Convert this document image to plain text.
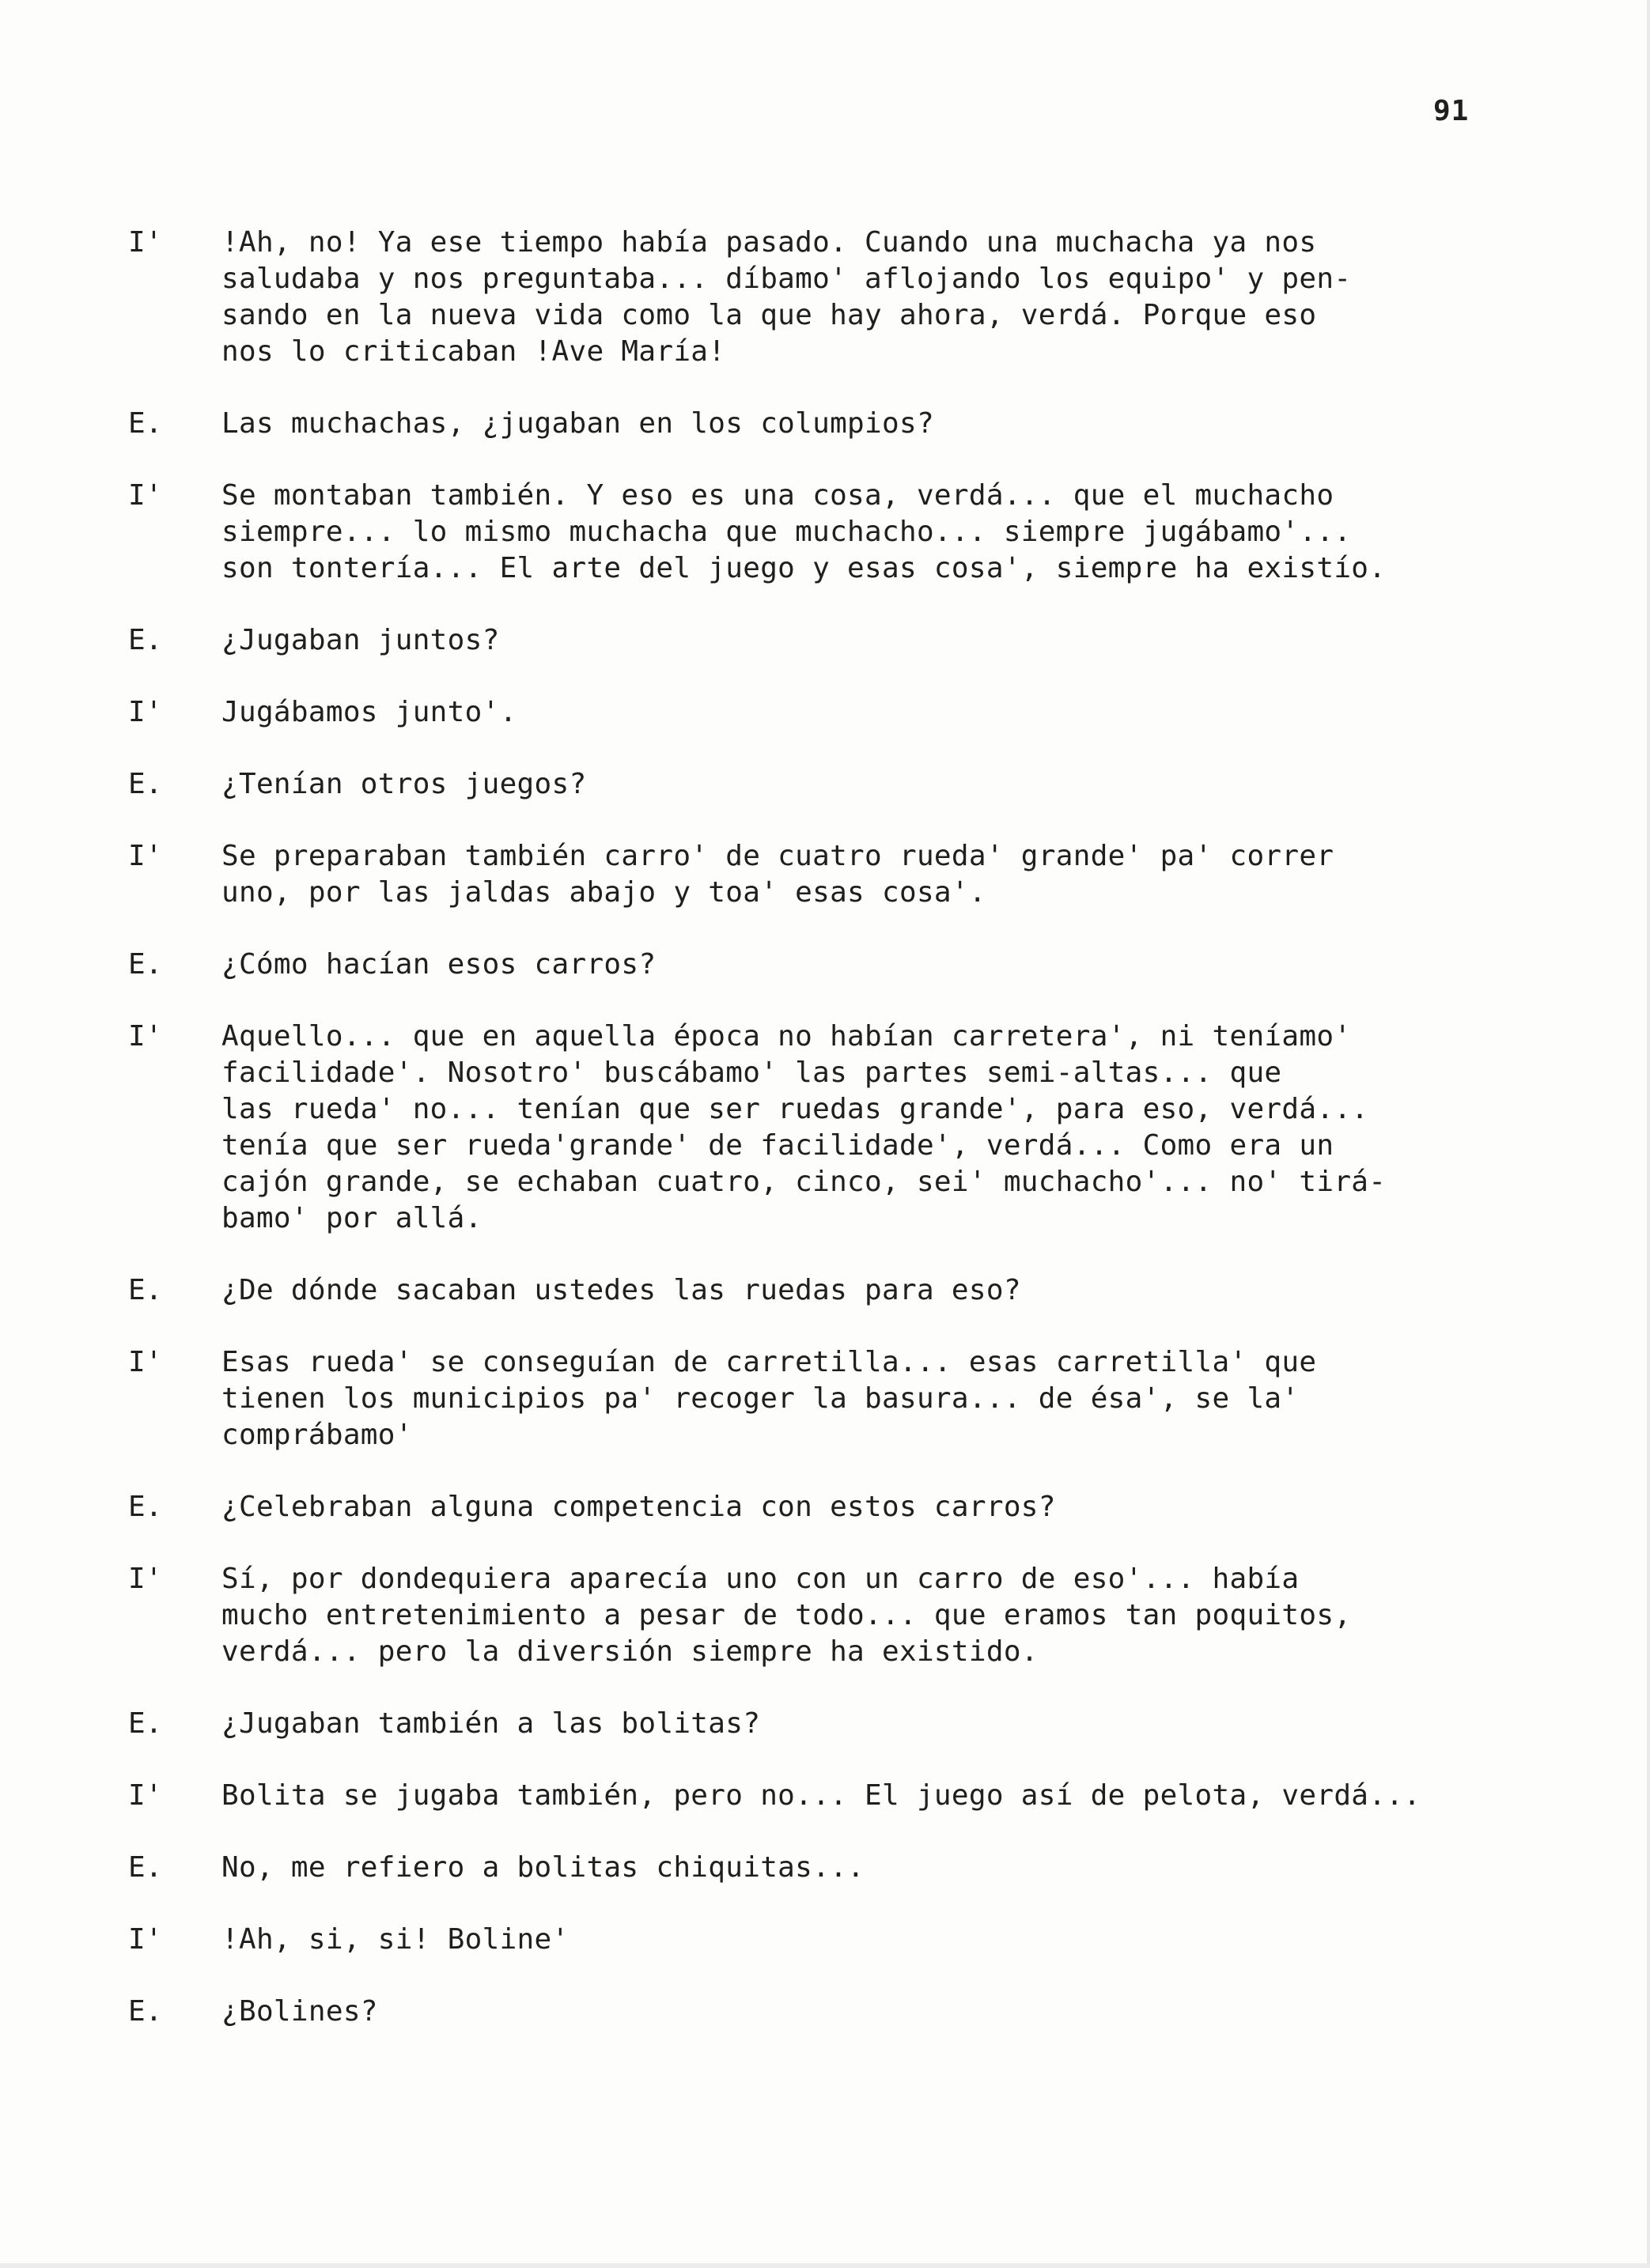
91
I'	!Ah, no! Ya ese tiempo había pasado. Cuando una muchacha ya nos
saludaba y nos preguntaba... díbamo' aflojando los equipo' y pen-
sando en la nueva vida como la que hay ahora, verdá. Porque eso
nos lo criticaban !Ave María!
E.	Las muchachas, ¿jugaban en los columpios?
I'	Se montaban también. Y eso es una cosa, verdá... que el muchacho
siempre... lo mismo muchacha que muchacho... siempre jugábamo'...
son tontería... El arte del juego y esas cosa', siempre ha existío.
E.	¿Jugaban juntos?
I'	Jugábamos junto'.
E.	¿Tenían otros juegos?
I'	Se preparaban también carro' de cuatro rueda' grande' pa' correr
uno, por las jaldas abajo y toa' esas cosa'.
E.	¿Cómo hacían esos carros?
I'	Aquello... que en aquella época no habían carretera', ni teníamo'
facilidade'. Nosotro' buscábamo' las partes semi-altas... que
las rueda' no... tenían que ser ruedas grande', para eso, verdá...
tenía que ser rueda'grande' de facilidade', verdá... Como era un
cajón grande, se echaban cuatro, cinco, sei' muchacho'... no' tirá-
bamo' por allá.
E.	¿De dónde sacaban ustedes las ruedas para eso?
I'	Esas rueda' se conseguían de carretilla... esas carretilla' que
tienen los municipios pa' recoger la basura... de ésa', se la'
comprábamo'
E.	¿Celebraban alguna competencia con estos carros?
I'	Sí, por dondequiera aparecía uno con un carro de eso'... había
mucho entretenimiento a pesar de todo... que eramos tan poquitos,
verdá... pero la diversión siempre ha existido.
E.	¿Jugaban también a las bolitas?
I'	Bolita se jugaba también, pero no... El juego así de pelota, verdá...
E.	No, me refiero a bolitas chiquitas...
I'	!Ah, si, si! Boline'
E.	¿Bolines?
